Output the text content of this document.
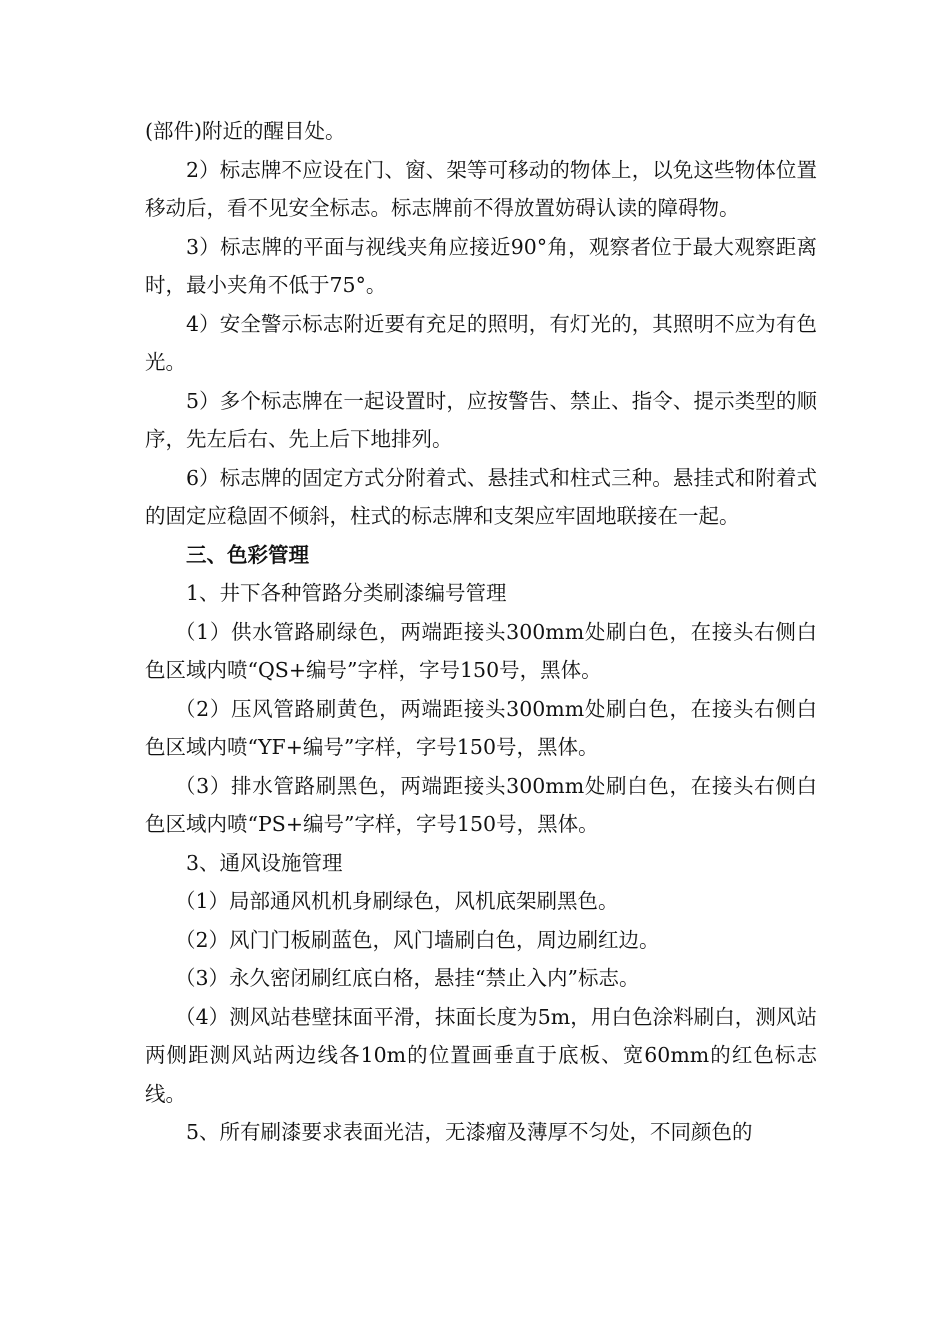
(部件)附近的醒目处。

2）标志牌不应设在门、窗、架等可移动的物体上，以免这些物体位置移动后，看不见安全标志。标志牌前不得放置妨碍认读的障碍物。

3）标志牌的平面与视线夹角应接近90°角，观察者位于最大观察距离时，最小夹角不低于75°。

4）安全警示标志附近要有充足的照明，有灯光的，其照明不应为有色光。

5）多个标志牌在一起设置时，应按警告、禁止、指令、提示类型的顺序，先左后右、先上后下地排列。

6）标志牌的固定方式分附着式、悬挂式和柱式三种。悬挂式和附着式的固定应稳固不倾斜，柱式的标志牌和支架应牢固地联接在一起。

三、色彩管理

1、井下各种管路分类刷漆编号管理

（1）供水管路刷绿色，两端距接头300mm处刷白色，在接头右侧白色区域内喷“QS+编号”字样，字号150号，黑体。

（2）压风管路刷黄色，两端距接头300mm处刷白色，在接头右侧白色区域内喷“YF+编号”字样，字号150号，黑体。

（3）排水管路刷黑色，两端距接头300mm处刷白色，在接头右侧白色区域内喷“PS+编号”字样，字号150号，黑体。

3、通风设施管理

（1）局部通风机机身刷绿色，风机底架刷黑色。

（2）风门门板刷蓝色，风门墙刷白色，周边刷红边。

（3）永久密闭刷红底白格，悬挂“禁止入内”标志。

（4）测风站巷壁抹面平滑，抹面长度为5m，用白色涂料刷白，测风站两侧距测风站两边线各10m的位置画垂直于底板、宽60mm的红色标志线。

5、所有刷漆要求表面光洁，无漆瘤及薄厚不匀处，不同颜色的
